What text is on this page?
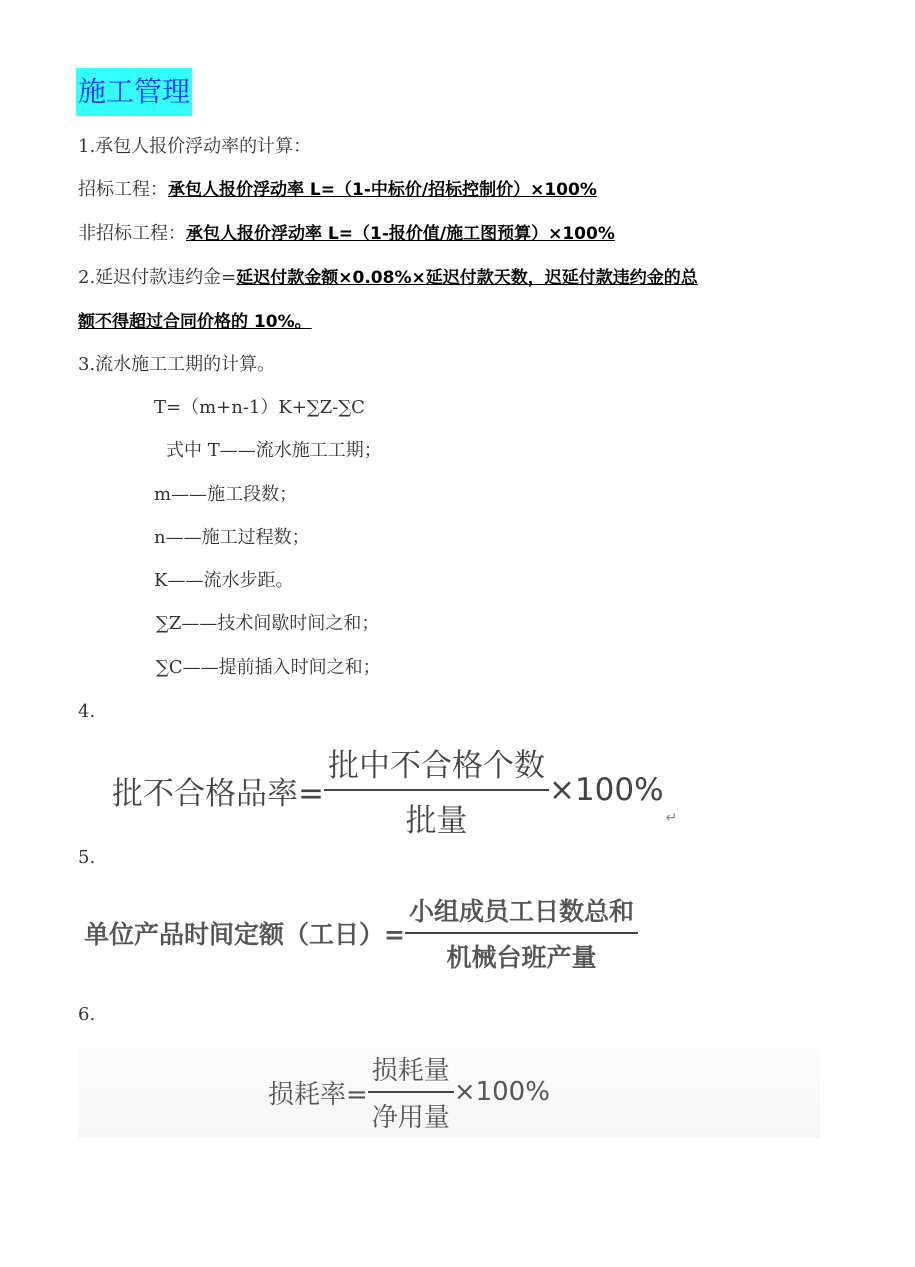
施工管理
1.承包人报价浮动率的计算：
招标工程：承包人报价浮动率 L=（1-中标价/招标控制价）×100%
非招标工程：承包人报价浮动率 L=（1-报价值/施工图预算）×100%
2.延迟付款违约金=延迟付款金额×0.08%×延迟付款天数，迟延付款违约金的总
额不得超过合同价格的 10%。
3.流水施工工期的计算。
T=（m+n-1）K+∑Z-∑C
式中 T——流水施工工期；
m——施工段数；
n——施工过程数；
K——流水步距。
∑Z——技术间歇时间之和；
∑C——提前插入时间之和；
4.
批不合格品率= $\frac{\text{批中不合格个数}}{\text{批量}} \times 100\%$
↵
5.
单位产品时间定额（工日）= $\frac{\text{小组成员工日数总和}}{\text{机械台班产量}}$
6.
损耗率= $\frac{\text{损耗量}}{\text{净用量}} \times 100\%$
